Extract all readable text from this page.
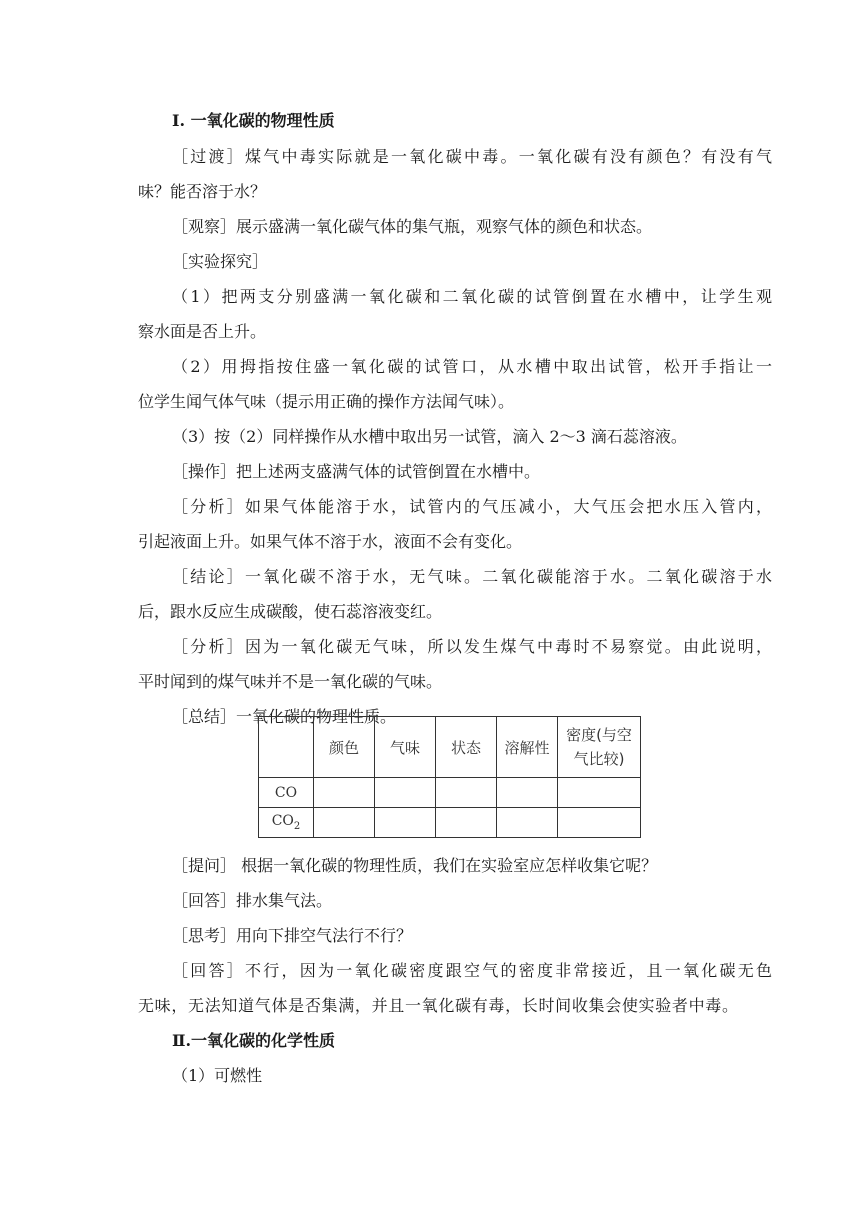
Ⅰ. 一氧化碳的物理性质
［过渡］煤气中毒实际就是一氧化碳中毒。一氧化碳有没有颜色？有没有气
味？能否溶于水？
［观察］展示盛满一氧化碳气体的集气瓶，观察气体的颜色和状态。
［实验探究］
（1）把两支分别盛满一氧化碳和二氧化碳的试管倒置在水槽中，让学生观
察水面是否上升。
（2）用拇指按住盛一氧化碳的试管口，从水槽中取出试管，松开手指让一
位学生闻气体气味（提示用正确的操作方法闻气味）。
（3）按（2）同样操作从水槽中取出另一试管，滴入 2～3 滴石蕊溶液。
［操作］把上述两支盛满气体的试管倒置在水槽中。
［分析］如果气体能溶于水，试管内的气压减小，大气压会把水压入管内，
引起液面上升。如果气体不溶于水，液面不会有变化。
［结论］一氧化碳不溶于水，无气味。二氧化碳能溶于水。二氧化碳溶于水
后，跟水反应生成碳酸，使石蕊溶液变红。
［分析］因为一氧化碳无气味，所以发生煤气中毒时不易察觉。由此说明，
平时闻到的煤气味并不是一氧化碳的气味。
［总结］一氧化碳的物理性质。
	颜色	气味	状态	溶解性	密度(与空
气比较)
CO					
$CO_2$					
［提问］ 根据一氧化碳的物理性质，我们在实验室应怎样收集它呢？
［回答］排水集气法。
［思考］用向下排空气法行不行？
［回答］不行，因为一氧化碳密度跟空气的密度非常接近，且一氧化碳无色
无味，无法知道气体是否集满，并且一氧化碳有毒，长时间收集会使实验者中毒。
Ⅱ.一氧化碳的化学性质
（1）可燃性
